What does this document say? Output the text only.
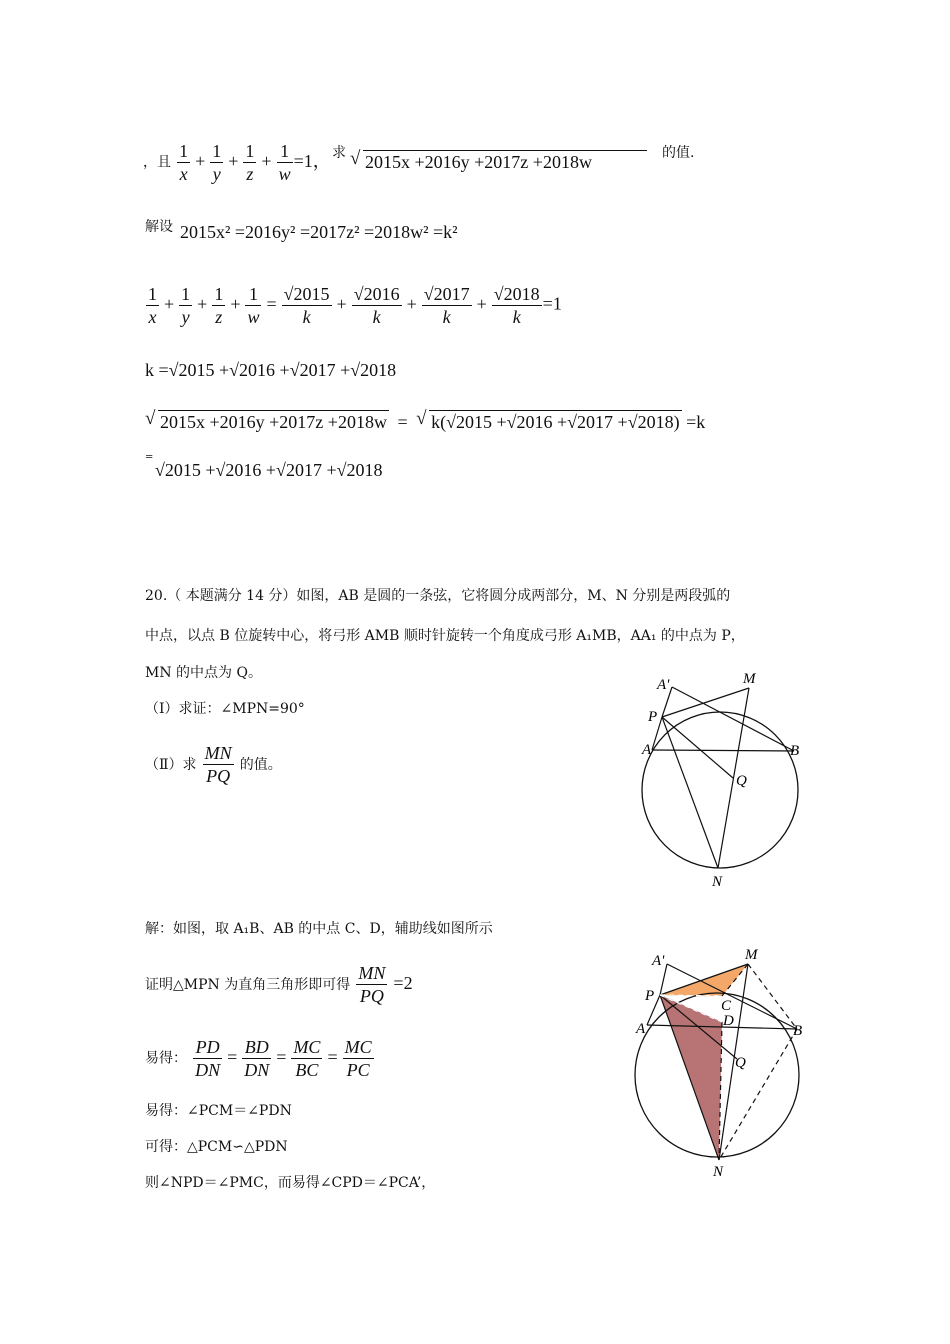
，且 $\frac{1}{x} + \frac{1}{y} + \frac{1}{z} + \frac{1}{w} =1$， 求	√ 2015x +2016y +2017z +2018w	的值.
解设 2015x² =2016y² =2017z² =2018w² =k²
$\frac{1}{x} + \frac{1}{y} + \frac{1}{z} + \frac{1}{w} = \frac{√2015}{k} + \frac{√2016}{k} + \frac{√2017}{k} + \frac{√2018}{k} =1$
k =√2015 +√2016 +√2017 +√2018
√ 2015x +2016y +2017z +2018w = √ k(√2015 +√2016 +√2017 +√2018) =k
=
√2015 +√2016 +√2017 +√2018
20.（ 本题满分 14 分）如图，AB 是圆的一条弦，它将圆分成两部分，M、N 分别是两段弧的
中点，以点 B 位旋转中心，将弓形 AMB 顺时针旋转一个角度成弓形 A₁MB，AA₁ 的中点为 P，
MN 的中点为 Q。
（Ⅰ）求证：∠MPN=90°
（Ⅱ）求 $\frac{MN}{PQ}$ 的值。
A'	M
P
A	B
Q
N
解：如图，取 A₁B、AB 的中点 C、D，辅助线如图所示
证明△MPN 为直角三角形即可得 $\frac{MN}{PQ} =2$
易得： $\frac{PD}{DN} = \frac{BD}{DN} = \frac{MC}{BC} = \frac{MC}{PC}$
易得：∠PCM＝∠PDN
可得：△PCM∽△PDN
则∠NPD＝∠PMC，而易得∠CPD＝∠PCA’，
A'	M
P
C
A	D
B
Q
N
